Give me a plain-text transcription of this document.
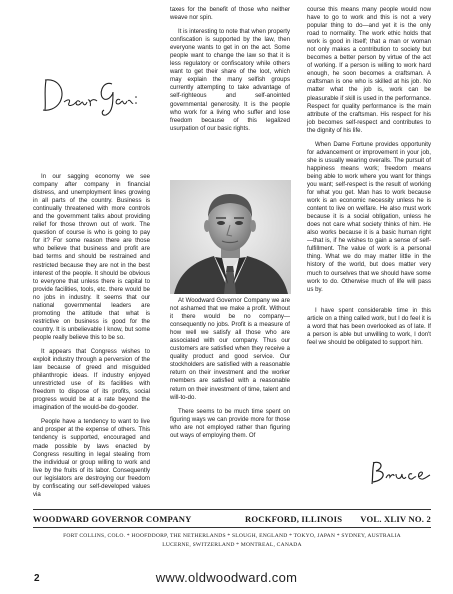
In our sagging economy we see company after company in financial distress, and unemployment lines growing in all parts of the country. Business is continually threatened with more controls and the government talks about providing relief for those thrown out of work. The question of course is who is going to pay for it? For some reason there are those who believe that business and profit are bad terms and should be restrained and restricted because they are not in the best interest of the people. It should be obvious to everyone that unless there is capital to provide facilities, tools, etc. there would be no jobs in industry. It seems that our national governmental leaders are promoting the attitude that what is restrictive on business is good for the country. It is unbelievable I know, but some people really believe this to be so.

It appears that Congress wishes to exploit industry through a perversion of the law because of greed and misguided philanthropic ideas. If industry enjoyed unrestricted use of its facilities with freedom to dispose of its profits, social progress would be at a rate beyond the imagination of the would-be do-gooder.

People have a tendency to want to live and prosper at the expense of others. This tendency is supported, encouraged and made possible by laws enacted by Congress resulting in legal stealing from the individual or group willing to work and live by the fruits of its labor. Consequently our legislators are destroying our freedom by confiscating our self-developed values via

taxes for the benefit of those who neither weave nor spin.

It is interesting to note that when property confiscation is supported by the law, then everyone wants to get in on the act. Some people want to change the law so that it is less regulatory or confiscatory while others want to get their share of the loot, which may explain the many selfish groups currently attempting to take advantage of self-righteous and self-anointed governmental generosity. It is the people who work for a living who suffer and lose freedom because of this legalized usurpation of our basic rights.

At Woodward Governor Company we are not ashamed that we make a profit. Without it there would be no company—consequently no jobs. Profit is a measure of how well we satisfy all those who are associated with our company. Thus our customers are satisfied when they receive a quality product and good service. Our stockholders are satisfied with a reasonable return on their investment and the worker members are satisfied with a reasonable return on their investment of time, talent and will-to-do.

There seems to be much time spent on figuring ways we can provide more for those who are not employed rather than figuring out ways of employing them. Of

course this means many people would now have to go to work and this is not a very popular thing to do—and yet it is the only road to normality. The work ethic holds that work is good in itself; that a man or woman not only makes a contribution to society but becomes a better person by virtue of the act of working. If a person is willing to work hard enough, he soon becomes a craftsman. A craftsman is one who is skilled at his job. No matter what the job is, work can be pleasurable if skill is used in the performance. Respect for quality performance is the main attribute of the craftsman. His respect for his job becomes self-respect and contributes to the dignity of his life.

When Dame Fortune provides opportunity for advancement or improvement in your job, she is usually wearing overalls. The pursuit of happiness means work; freedom means being able to work where you want for things you want; self-respect is the result of working for what you get. Man has to work because work is an economic necessity unless he is content to live on welfare. He also must work because it is a social obligation, unless he does not care what society thinks of him. He also works because it is a basic human right—that is, if he wishes to gain a sense of self-fulfillment. The value of work is a personal thing. What we do may matter little in the history of the world, but does matter very much to ourselves that we should have some work to do. Otherwise much of life will pass us by.

I have spent considerable time in this article on a thing called work, but I do feel it is a word that has been overlooked as of late. If a person is able but unwilling to work, I don't feel we should be obligated to support him.

WOODWARD GOVERNOR COMPANY	ROCKFORD, ILLINOIS VOL. XLIV NO. 2
FORT COLLINS, COLO. * HOOFDDORP, THE NETHERLANDS * SLOUGH, ENGLAND * TOKYO, JAPAN * SYDNEY, AUSTRALIA
LUCERNE, SWITZERLAND * MONTREAL, CANADA
2	www.oldwoodward.com
